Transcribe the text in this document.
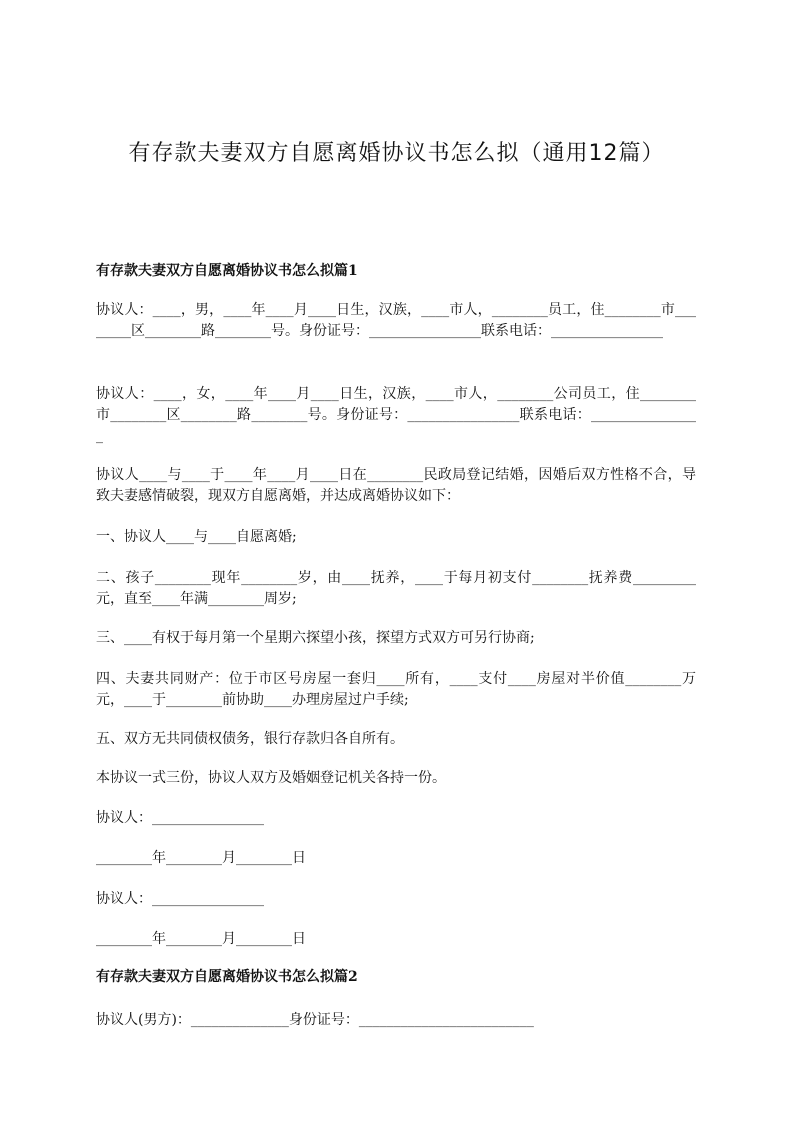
有存款夫妻双方自愿离婚协议书怎么拟（通用12篇）
有存款夫妻双方自愿离婚协议书怎么拟篇1
协议人：____，男，____年____月____日生，汉族，____市人，________员工，住________市________区________路________号。身份证号：________________联系电话：________________
协议人：____，女，____年____月____日生，汉族，____市人，________公司员工，住________市________区________路________号。身份证号：________________联系电话：________________
协议人____与____于____年____月____日在________民政局登记结婚，因婚后双方性格不合，导致夫妻感情破裂，现双方自愿离婚，并达成离婚协议如下：
一、协议人____与____自愿离婚;
二、孩子________现年________岁，由____抚养，____于每月初支付________抚养费_________元，直至____年满________周岁;
三、____有权于每月第一个星期六探望小孩，探望方式双方可另行协商;
四、夫妻共同财产：位于市区号房屋一套归____所有，____支付____房屋对半价值________万元，____于________前协助____办理房屋过户手续;
五、双方无共同债权债务，银行存款归各自所有。
本协议一式三份，协议人双方及婚姻登记机关各持一份。
协议人：________________
________年________月________日
协议人：________________
________年________月________日
有存款夫妻双方自愿离婚协议书怎么拟篇2
协议人(男方)：______________身份证号：_________________________
